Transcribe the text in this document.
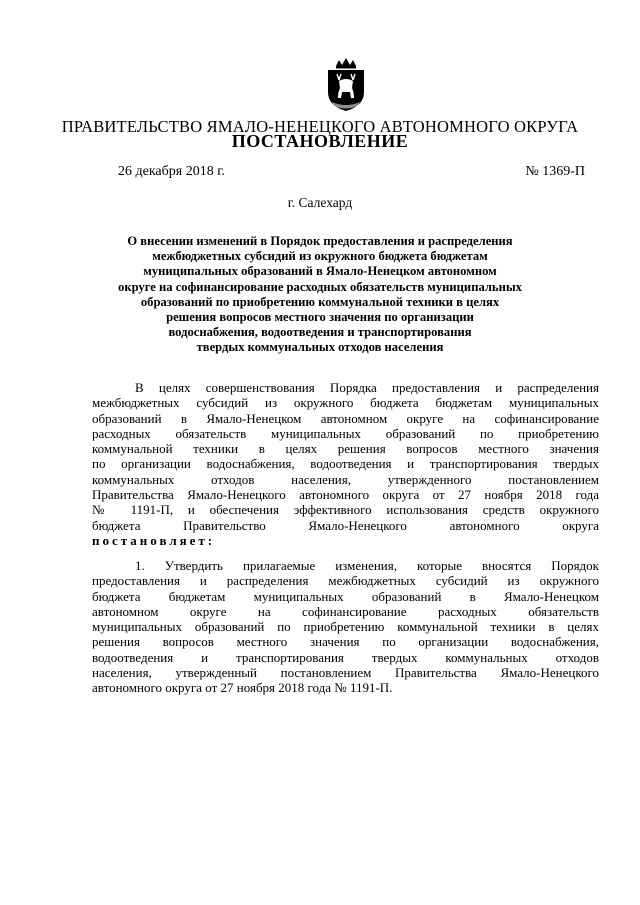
ПРАВИТЕЛЬСТВО ЯМАЛО-НЕНЕЦКОГО АВТОНОМНОГО ОКРУГА
ПОСТАНОВЛЕНИЕ
26 декабря 2018 г.	№ 1369-П
г. Салехард
О внесении изменений в Порядок предоставления и распределения
межбюджетных субсидий из окружного бюджета бюджетам
муниципальных образований в Ямало-Ненецком автономном
округе на софинансирование расходных обязательств муниципальных
образований по приобретению коммунальной техники в целях
решения вопросов местного значения по организации
водоснабжения, водоотведения и транспортирования
твердых коммунальных отходов населения
В целях совершенствования Порядка предоставления и распределения
межбюджетных субсидий из окружного бюджета бюджетам муниципальных
образований в Ямало-Ненецком автономном округе на софинансирование
расходных обязательств муниципальных образований по приобретению
коммунальной техники в целях решения вопросов местного значения
по организации водоснабжения, водоотведения и транспортирования твердых
коммунальных отходов населения, утвержденного постановлением
Правительства Ямало-Ненецкого автономного округа от 27 ноября 2018 года
№ 1191-П, и обеспечения эффективного использования средств окружного
бюджета Правительство Ямало-Ненецкого автономного округа
постановляет:
1. Утвердить прилагаемые изменения, которые вносятся Порядок
предоставления и распределения межбюджетных субсидий из окружного
бюджета бюджетам муниципальных образований в Ямало-Ненецком
автономном округе на софинансирование расходных обязательств
муниципальных образований по приобретению коммунальной техники в целях
решения вопросов местного значения по организации водоснабжения,
водоотведения и транспортирования твердых коммунальных отходов
населения, утвержденный постановлением Правительства Ямало-Ненецкого
автономного округа от 27 ноября 2018 года № 1191-П.
